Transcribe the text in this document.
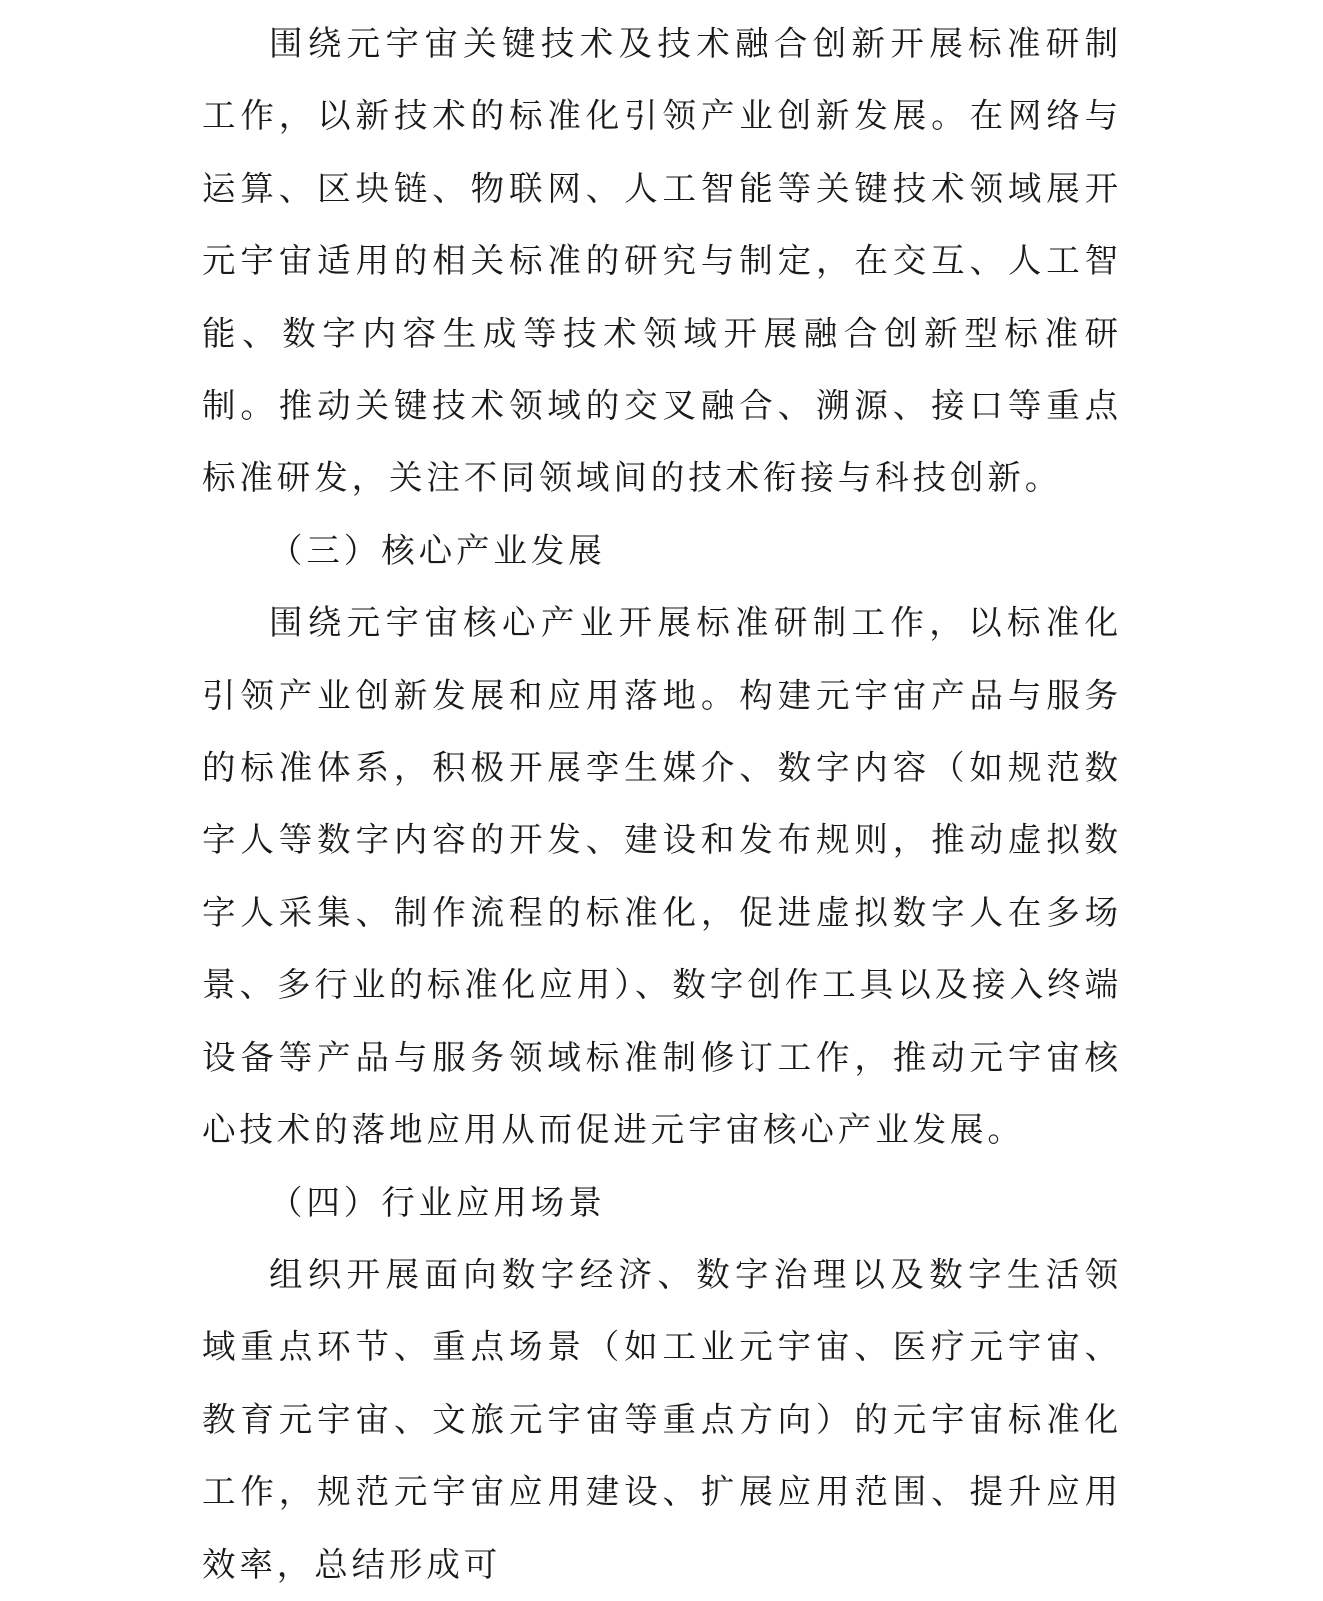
围绕元宇宙关键技术及技术融合创新开展标准研制工作，以新技术的标准化引领产业创新发展。在网络与运算、区块链、物联网、人工智能等关键技术领域展开元宇宙适用的相关标准的研究与制定，在交互、人工智能、数字内容生成等技术领域开展融合创新型标准研制。推动关键技术领域的交叉融合、溯源、接口等重点标准研发，关注不同领域间的技术衔接与科技创新。

（三）核心产业发展

围绕元宇宙核心产业开展标准研制工作，以标准化引领产业创新发展和应用落地。构建元宇宙产品与服务的标准体系，积极开展孪生媒介、数字内容（如规范数字人等数字内容的开发、建设和发布规则，推动虚拟数字人采集、制作流程的标准化，促进虚拟数字人在多场景、多行业的标准化应用）、数字创作工具以及接入终端设备等产品与服务领域标准制修订工作，推动元宇宙核心技术的落地应用从而促进元宇宙核心产业发展。

（四）行业应用场景

组织开展面向数字经济、数字治理以及数字生活领域重点环节、重点场景（如工业元宇宙、医疗元宇宙、教育元宇宙、文旅元宇宙等重点方向）的元宇宙标准化工作，规范元宇宙应用建设、扩展应用范围、提升应用效率，总结形成可
